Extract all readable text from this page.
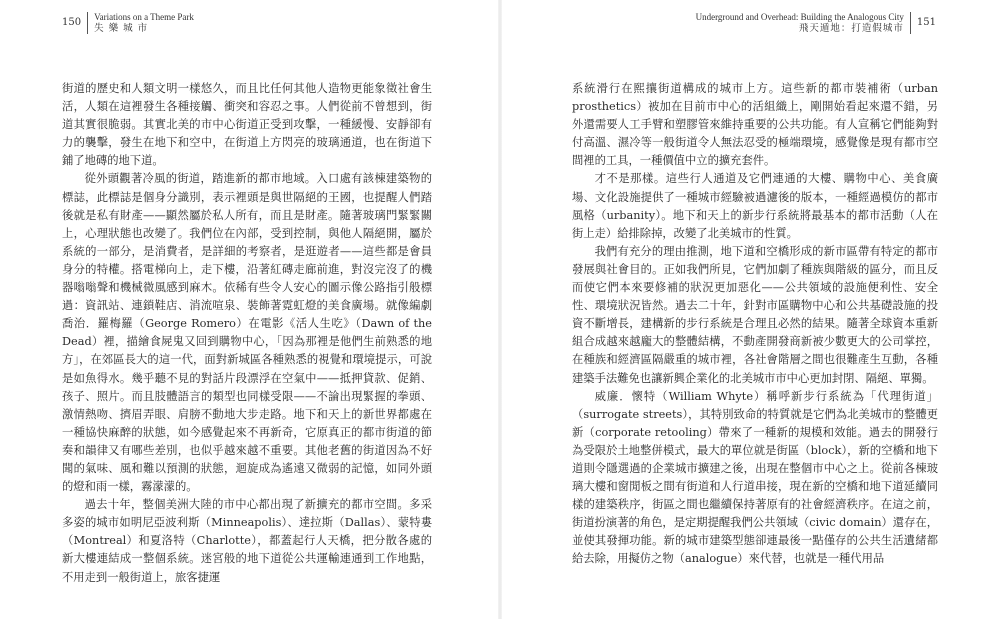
150 Variations on a Theme Park
失 樂 城 市

街道的歷史和人類文明一樣悠久，而且比任何其他人造物更能象徵社會生活，人類在這裡發生各種接觸、衝突和容忍之事。人們從前不曾想到，街道其實很脆弱。其實北美的市中心街道正受到攻擊，一種緩慢、安靜卻有力的襲擊，發生在地下和空中，在街道上方閃亮的玻璃通道，也在街道下鋪了地磚的地下道。

從外頭觀著冷風的街道，踏進新的都市地域。入口處有該棟建築物的標誌，此標誌是個身分識別，表示裡頭是與世隔絕的王國，也提醒人們踏後就是私有財產——顯然屬於私人所有，而且是財產。隨著玻璃門緊緊關上，心理狀態也改變了。我們位在內部，受到控制，與他人隔絕開，屬於系統的一部分，是消費者，是詳細的考察者，是逛遊者——這些都是會員身分的特權。搭電梯向上，走下樓，沿著紅磚走廊前進，對沒完沒了的機器嗡嗡聲和機械微風感到麻木。依稀有些令人安心的圖示像公路指引般標過：資訊站、連鎖鞋店、消流喧泉、裝飾著霓虹燈的美食廣場。就像編劇喬治．羅梅羅（George Romero）在電影《活人生吃》（Dawn of the Dead）裡，描繪食屍鬼又回到購物中心，「因為那裡是他們生前熟悉的地方」，在郊區長大的這一代，面對新城區各種熟悉的視覺和環境提示，可說是如魚得水。幾乎聽不見的對話片段漂浮在空氣中——抵押貸款、促銷、孩子、照片。而且肢體語言的類型也同樣受限——不論出現緊握的拳頭、激情熱吻、擠眉弄眼、肩膀不動地大步走路。地下和天上的新世界都處在一種協快麻醉的狀態，如今感覺起來不再新奇，它原真正的都市街道的節奏和韻律又有哪些差別，也似乎越來越不重要。其他老舊的街道因為不好聞的氣味、風和難以預測的狀態，迴旋成為遙遠又微弱的記憶，如同外頭的燈和雨一樣，霧濛濛的。

過去十年，整個美洲大陸的市中心都出現了新擴充的都市空間。多采多姿的城市如明尼亞波利斯（Minneapolis）、達拉斯（Dallas）、蒙特婁（Montreal）和夏洛特（Charlotte），都蓋起行人天橋，把分散各處的新大樓連結成一整個系統。迷宮般的地下道從公共運輸連通到工作地點，不用走到一般街道上，旅客捷運

Underground and Overhead: Building the Analogous City
飛天遁地：打造假城市
151

系統滑行在熙攘街道構成的城市上方。這些新的都市裝補術（urban prosthetics）被加在目前市中心的活組織上，剛開始看起來還不錯，另外還需要人工手臂和塑膠管來維持重要的公共功能。有人宣稱它們能夠對付高溫、濕冷等一般街道令人無法忍受的極端環境，感覺像是現有都市空間裡的工具，一種價值中立的擴充套件。

才不是那樣。這些行人通道及它們連通的大樓、購物中心、美食廣場、文化設施提供了一種城市經驗被過濾後的版本，一種經過模仿的都市風格（urbanity）。地下和天上的新步行系統將最基本的都市活動（人在街上走）給排除掉，改變了北美城市的性質。

我們有充分的理由推測，地下道和空橋形成的新市區帶有特定的都市發展與社會目的。正如我們所見，它們加劇了種族與階級的區分，而且反而使它們本來要修補的狀況更加惡化——公共領域的設施便利性、安全性、環境狀況皆然。過去二十年，針對市區購物中心和公共基礎設施的投資不斷增長，建構新的步行系統是合理且必然的結果。隨著全球資本重新組合成越來越龐大的整體結構，不動產開發商新被少數更大的公司掌控，在種族和經濟區隔嚴重的城市裡，各社會階層之間也很難產生互動，各種建築手法難免也讓新興企業化的北美城市市中心更加封閉、隔絕、單獨。

威廉．懷特（William Whyte）稱呼新步行系統為「代理街道」（surrogate streets），其特別致命的特質就是它們為北美城市的整體更新（corporate retooling）帶來了一種新的規模和效能。過去的開發行為受限於土地整併模式，最大的單位就是街區（block），新的空橋和地下道則令隱選過的企業城市擴建之後，出現在整個市中心之上。從前各棟玻璃大樓和窗閒板之間有街道和人行道串接，現在新的空橋和地下道延續同樣的建築秩序，街區之間也繼續保持著原有的社會經濟秩序。在這之前，街道扮演著的角色，是定期提醒我們公共領域（civic domain）還存在，並使其發揮功能。新的城市建築型態卻連最後一點僅存的公共生活遺緒都給去除，用擬仿之物（analogue）來代替，也就是一種代用品
